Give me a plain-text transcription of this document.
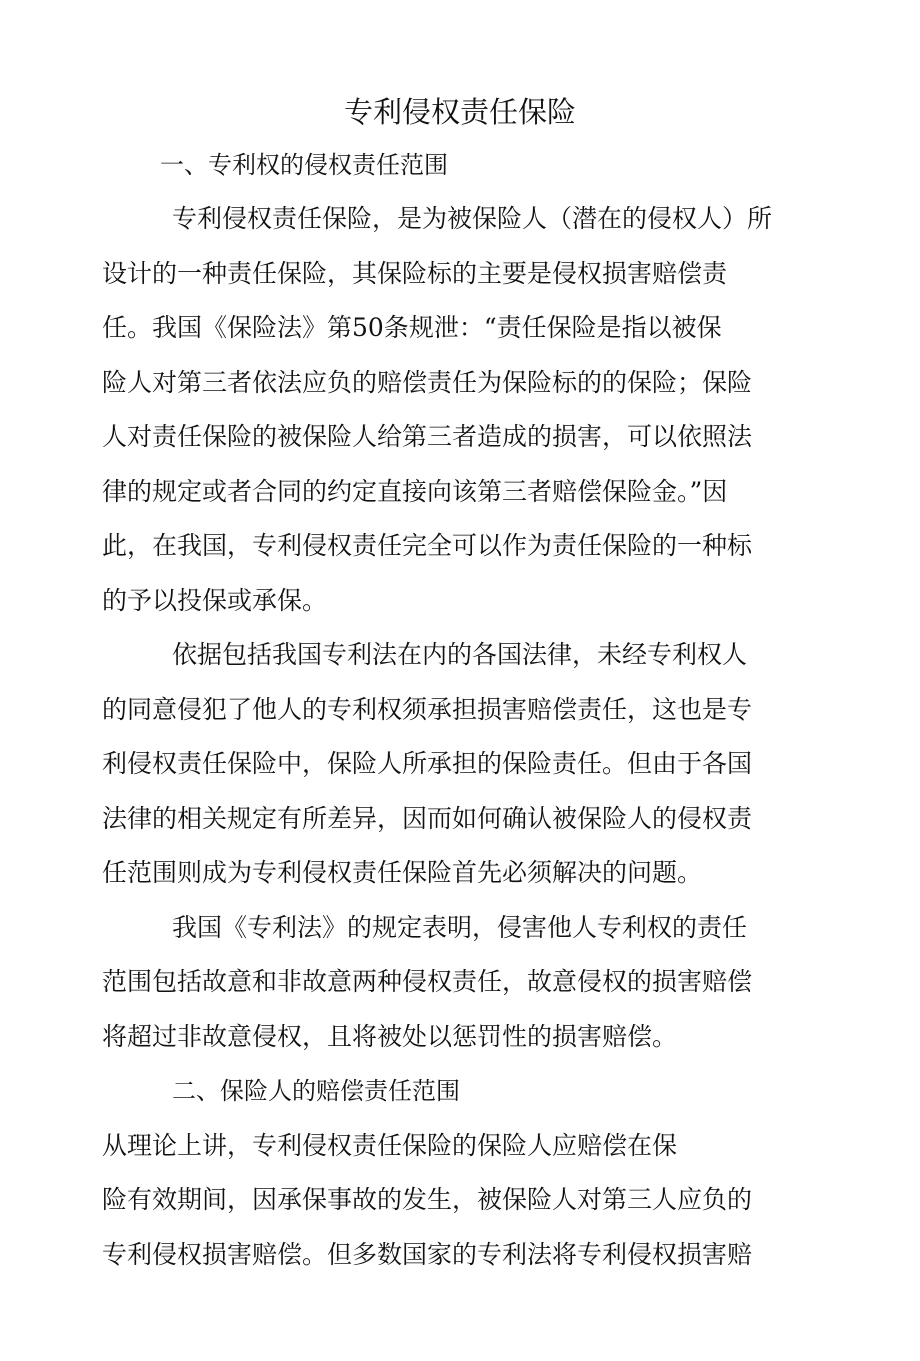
专利侵权责任保险

一、专利权的侵权责任范围

专利侵权责任保险，是为被保险人（潜在的侵权人）所

设计的一种责任保险，其保险标的主要是侵权损害赔偿责

任。我国《保险法》第50条规泄：“责任保险是指以被保

险人对第三者依法应负的赔偿责任为保险标的的保险；保险

人对责任保险的被保险人给第三者造成的损害，可以依照法

律的规定或者合同的约定直接向该第三者赔偿保险金。”因

此，在我国，专利侵权责任完全可以作为责任保险的一种标

的予以投保或承保。

依据包括我国专利法在内的各国法律，未经专利权人

的同意侵犯了他人的专利权须承担损害赔偿责任，这也是专

利侵权责任保险中，保险人所承担的保险责任。但由于各国

法律的相关规定有所差异，因而如何确认被保险人的侵权责

任范围则成为专利侵权责任保险首先必须解决的问题。

我国《专利法》的规定表明，侵害他人专利权的责任

范围包括故意和非故意两种侵权责任，故意侵权的损害赔偿

将超过非故意侵权，且将被处以惩罚性的损害赔偿。

二、保险人的赔偿责任范围

从理论上讲，专利侵权责任保险的保险人应赔偿在保

险有效期间，因承保事故的发生，被保险人对第三人应负的

专利侵权损害赔偿。但多数国家的专利法将专利侵权损害赔
